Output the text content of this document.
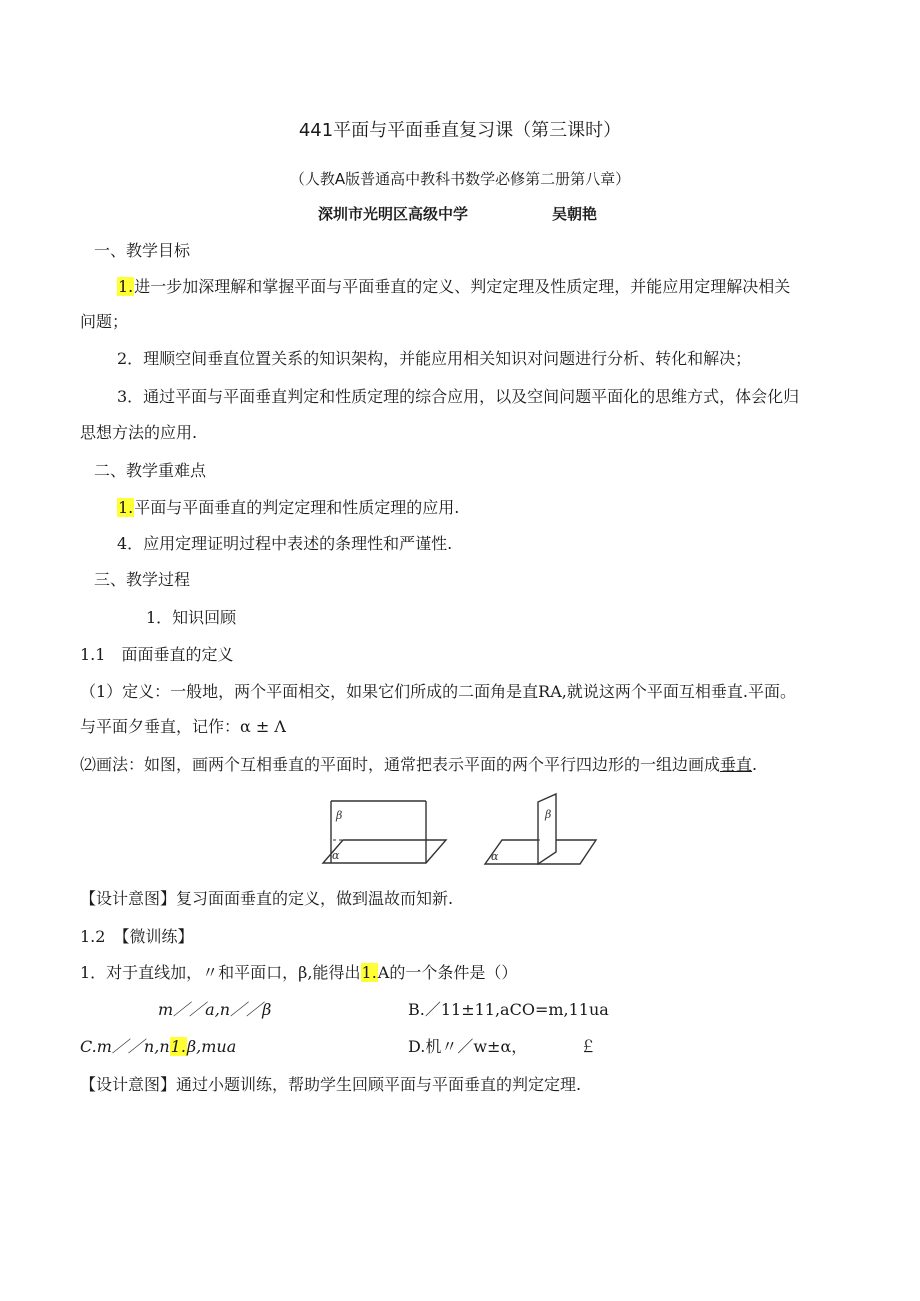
441平面与平面垂直复习课（第三课时）
（人教A版普通高中教科书数学必修第二册第八章）
深圳市光明区高级中学	吴朝艳
一、教学目标
1.进一步加深理解和掌握平面与平面垂直的定义、判定定理及性质定理，并能应用定理解决相关
问题；
2．理顺空间垂直位置关系的知识架构，并能应用相关知识对问题进行分析、转化和解决；
3．通过平面与平面垂直判定和性质定理的综合应用，以及空间问题平面化的思维方式，体会化归
思想方法的应用.
二、教学重难点
1.平面与平面垂直的判定定理和性质定理的应用.
4．应用定理证明过程中表述的条理性和严谨性.
三、教学过程
1．知识回顾
1.1　面面垂直的定义
（1）定义：一般地，两个平面相交，如果它们所成的二面角是直RA,就说这两个平面互相垂直.平面。
与平面夕垂直，记作：α ± Λ
⑵画法：如图，画两个互相垂直的平面时，通常把表示平面的两个平行四边形的一组边画成垂直.
β
α
β
α
【设计意图】复习面面垂直的定义，做到温故而知新.
1.2　【微训练】
1．对于直线加，〃和平面口，β,能得出1.A的一个条件是（）
m／／a,n／／β	B.／11±11,aCO=m,11ua
C.m／／n,n1.β,mua	D.机〃／w±α，	￡
【设计意图】通过小题训练，帮助学生回顾平面与平面垂直的判定定理.
